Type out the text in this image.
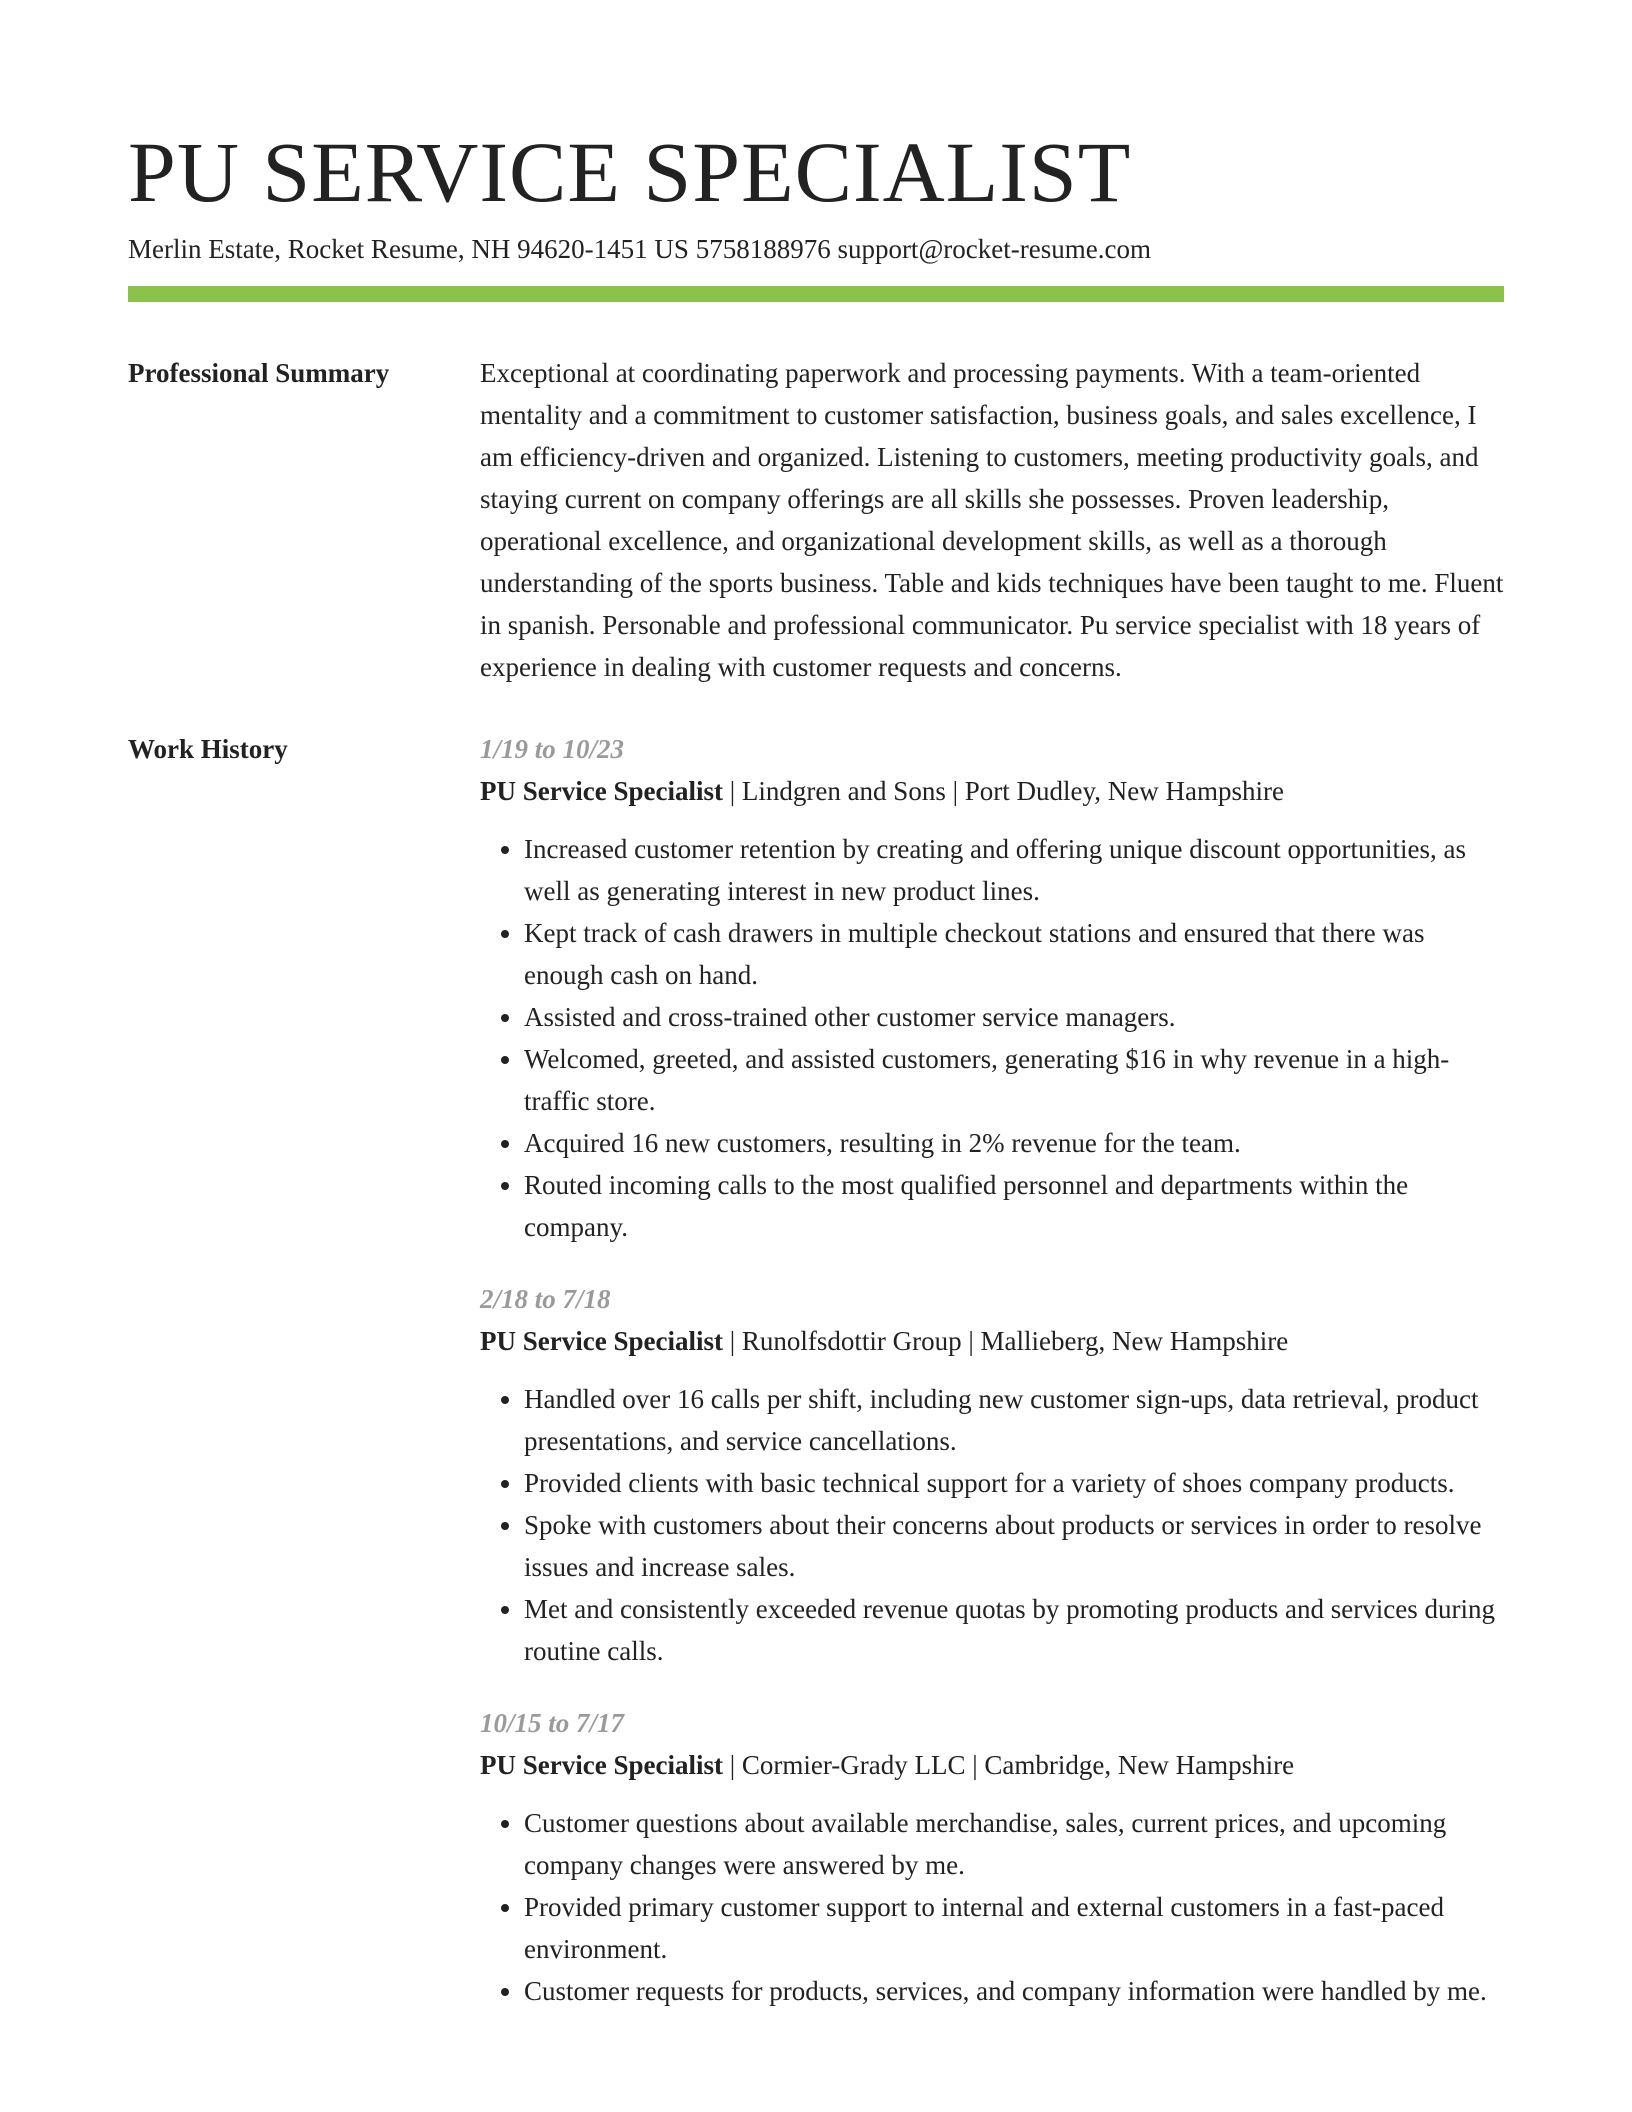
PU SERVICE SPECIALIST
Merlin Estate, Rocket Resume, NH 94620-1451 US 5758188976 support@rocket-resume.com
Professional Summary	Exceptional at coordinating paperwork and processing payments. With a team-oriented mentality and a commitment to customer satisfaction, business goals, and sales excellence, I am efficiency-driven and organized. Listening to customers, meeting productivity goals, and staying current on company offerings are all skills she possesses. Proven leadership, operational excellence, and organizational development skills, as well as a thorough understanding of the sports business. Table and kids techniques have been taught to me. Fluent in spanish. Personable and professional communicator. Pu service specialist with 18 years of experience in dealing with customer requests and concerns.

Work History	1/19 to 10/23
PU Service Specialist | Lindgren and Sons | Port Dudley, New Hampshire
• Increased customer retention by creating and offering unique discount opportunities, as well as generating interest in new product lines.
• Kept track of cash drawers in multiple checkout stations and ensured that there was enough cash on hand.
• Assisted and cross-trained other customer service managers.
• Welcomed, greeted, and assisted customers, generating $16 in why revenue in a high-traffic store.
• Acquired 16 new customers, resulting in 2% revenue for the team.
• Routed incoming calls to the most qualified personnel and departments within the company.
2/18 to 7/18
PU Service Specialist | Runolfsdottir Group | Mallieberg, New Hampshire
• Handled over 16 calls per shift, including new customer sign-ups, data retrieval, product presentations, and service cancellations.
• Provided clients with basic technical support for a variety of shoes company products.
• Spoke with customers about their concerns about products or services in order to resolve issues and increase sales.
• Met and consistently exceeded revenue quotas by promoting products and services during routine calls.
10/15 to 7/17
PU Service Specialist | Cormier-Grady LLC | Cambridge, New Hampshire
• Customer questions about available merchandise, sales, current prices, and upcoming company changes were answered by me.
• Provided primary customer support to internal and external customers in a fast-paced environment.
• Customer requests for products, services, and company information were handled by me.
